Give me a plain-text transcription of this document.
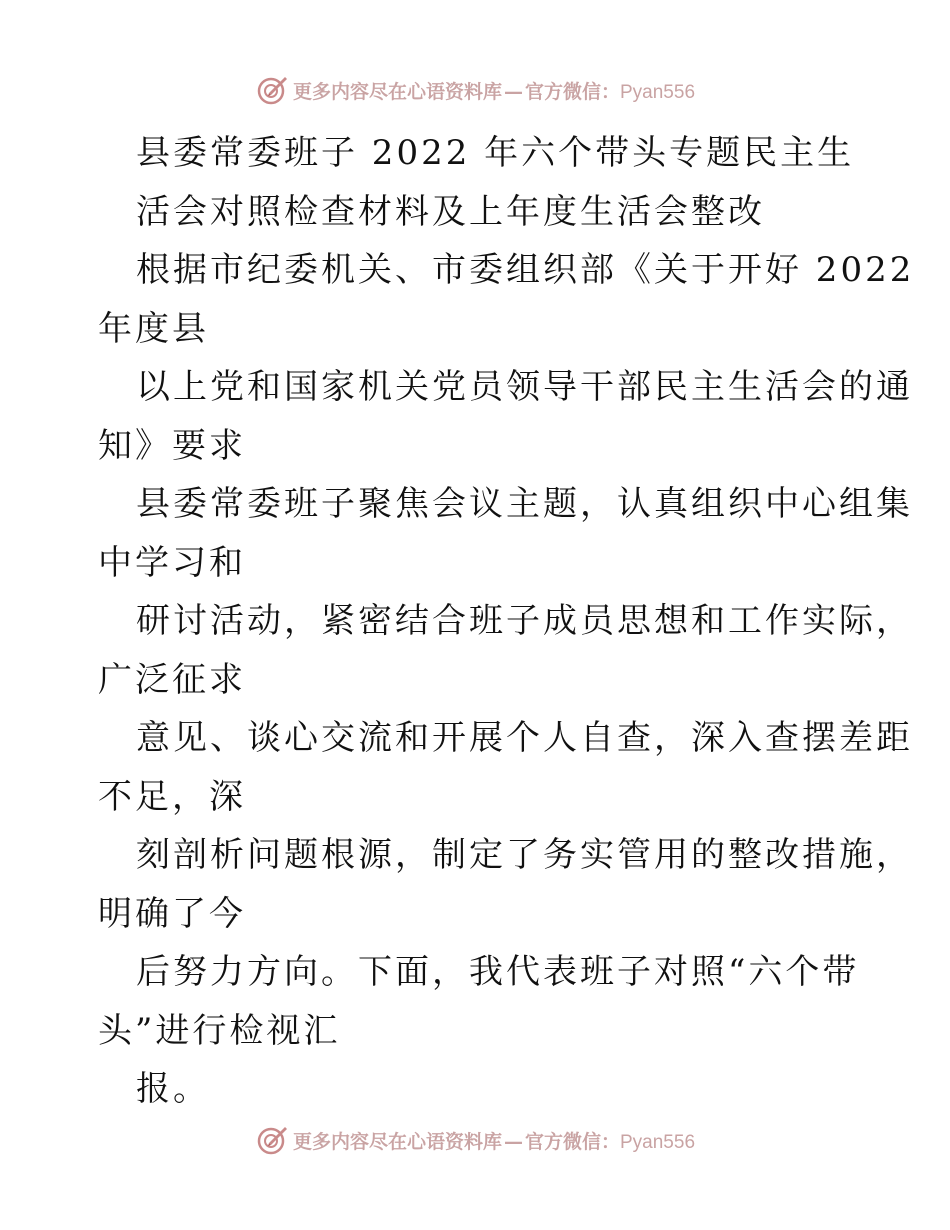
更多内容尽在心语资料库 — 官方微信：Pyan556
县委常委班子 2022 年六个带头专题民主生
活会对照检查材料及上年度生活会整改
根据市纪委机关、市委组织部《关于开好 2022
年度县
以上党和国家机关党员领导干部民主生活会的通
知》要求
县委常委班子聚焦会议主题，认真组织中心组集
中学习和
研讨活动，紧密结合班子成员思想和工作实际，
广泛征求
意见、谈心交流和开展个人自查，深入查摆差距
不足，深
刻剖析问题根源，制定了务实管用的整改措施，
明确了今
后努力方向。下面，我代表班子对照“六个带
头”进行检视汇
报。
更多内容尽在心语资料库 — 官方微信：Pyan556
